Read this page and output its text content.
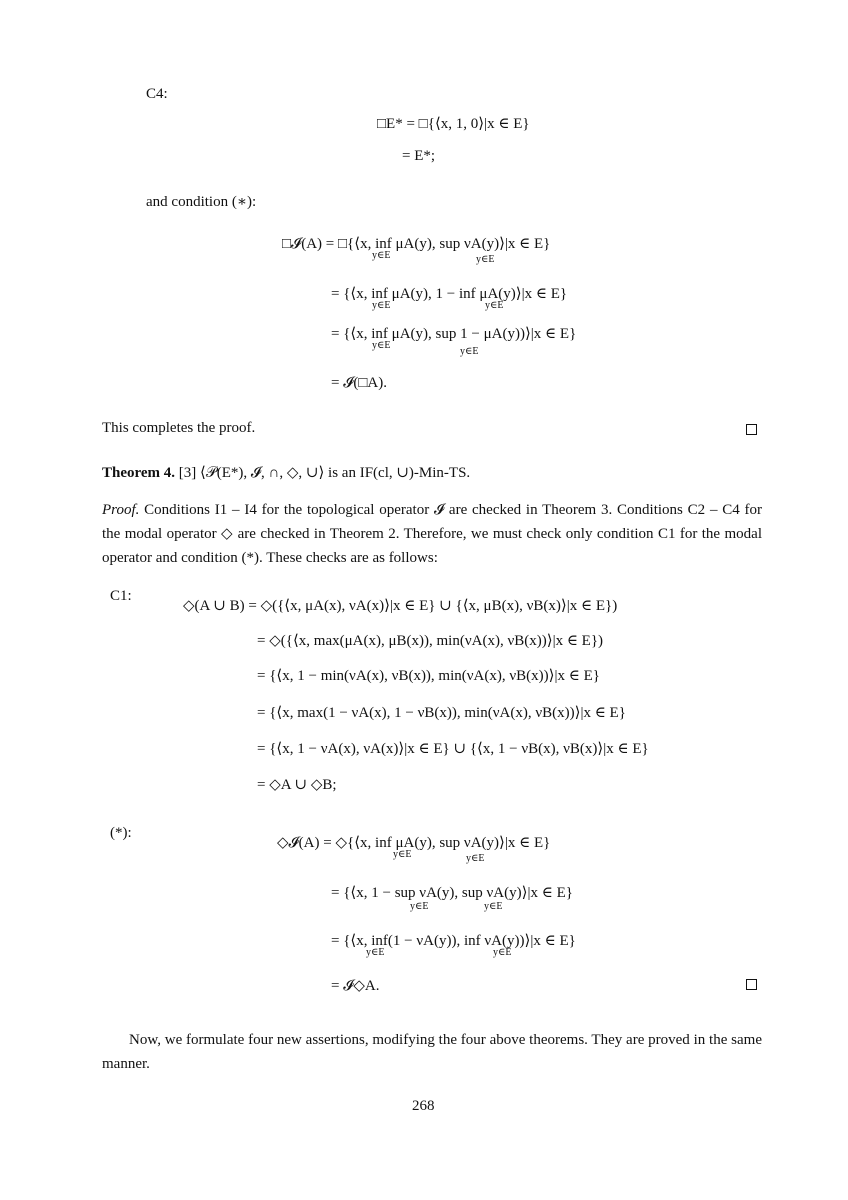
C4:
□E* = □{⟨x, 1, 0⟩|x ∈ E}
= E*;
and condition (∗):
□𝓘(A) = □{⟨x, inf μA(y), sup νA(y)⟩|x ∈ E}
y∈E	y∈E
= {⟨x, inf μA(y), 1 − inf μA(y)⟩|x ∈ E}
y∈E	y∈E
= {⟨x, inf μA(y), sup 1 − μA(y))⟩|x ∈ E}
y∈E
y∈E
= 𝓘(□A).
This completes the proof.
Theorem 4. [3] ⟨𝒫(E*), 𝓘, ∩, ◇, ∪⟩ is an IF(cl, ∪)-Min-TS.
Proof. Conditions I1 – I4 for the topological operator 𝓘 are checked in Theorem 3. Conditions C2 – C4 for the modal operator ◇ are checked in Theorem 2. Therefore, we must check only condition C1 for the modal operator and condition (*). These checks are as follows:
C1:
◇(A ∪ B) = ◇({⟨x, μA(x), νA(x)⟩|x ∈ E} ∪ {⟨x, μB(x), νB(x)⟩|x ∈ E})
= ◇({⟨x, max(μA(x), μB(x)), min(νA(x), νB(x))⟩|x ∈ E})
= {⟨x, 1 − min(νA(x), νB(x)), min(νA(x), νB(x))⟩|x ∈ E}
= {⟨x, max(1 − νA(x), 1 − νB(x)), min(νA(x), νB(x))⟩|x ∈ E}
= {⟨x, 1 − νA(x), νA(x)⟩|x ∈ E} ∪ {⟨x, 1 − νB(x), νB(x)⟩|x ∈ E}
= ◇A ∪ ◇B;
(*):
◇𝓘(A) = ◇{⟨x, inf μA(y), sup νA(y)⟩|x ∈ E}
y∈E	y∈E
= {⟨x, 1 − sup νA(y), sup νA(y)⟩|x ∈ E}
y∈E	y∈E
= {⟨x, inf(1 − νA(y)), inf νA(y))⟩|x ∈ E}
y∈E	y∈E
= 𝓘◇A.
Now, we formulate four new assertions, modifying the four above theorems. They are proved in the same manner.
268
